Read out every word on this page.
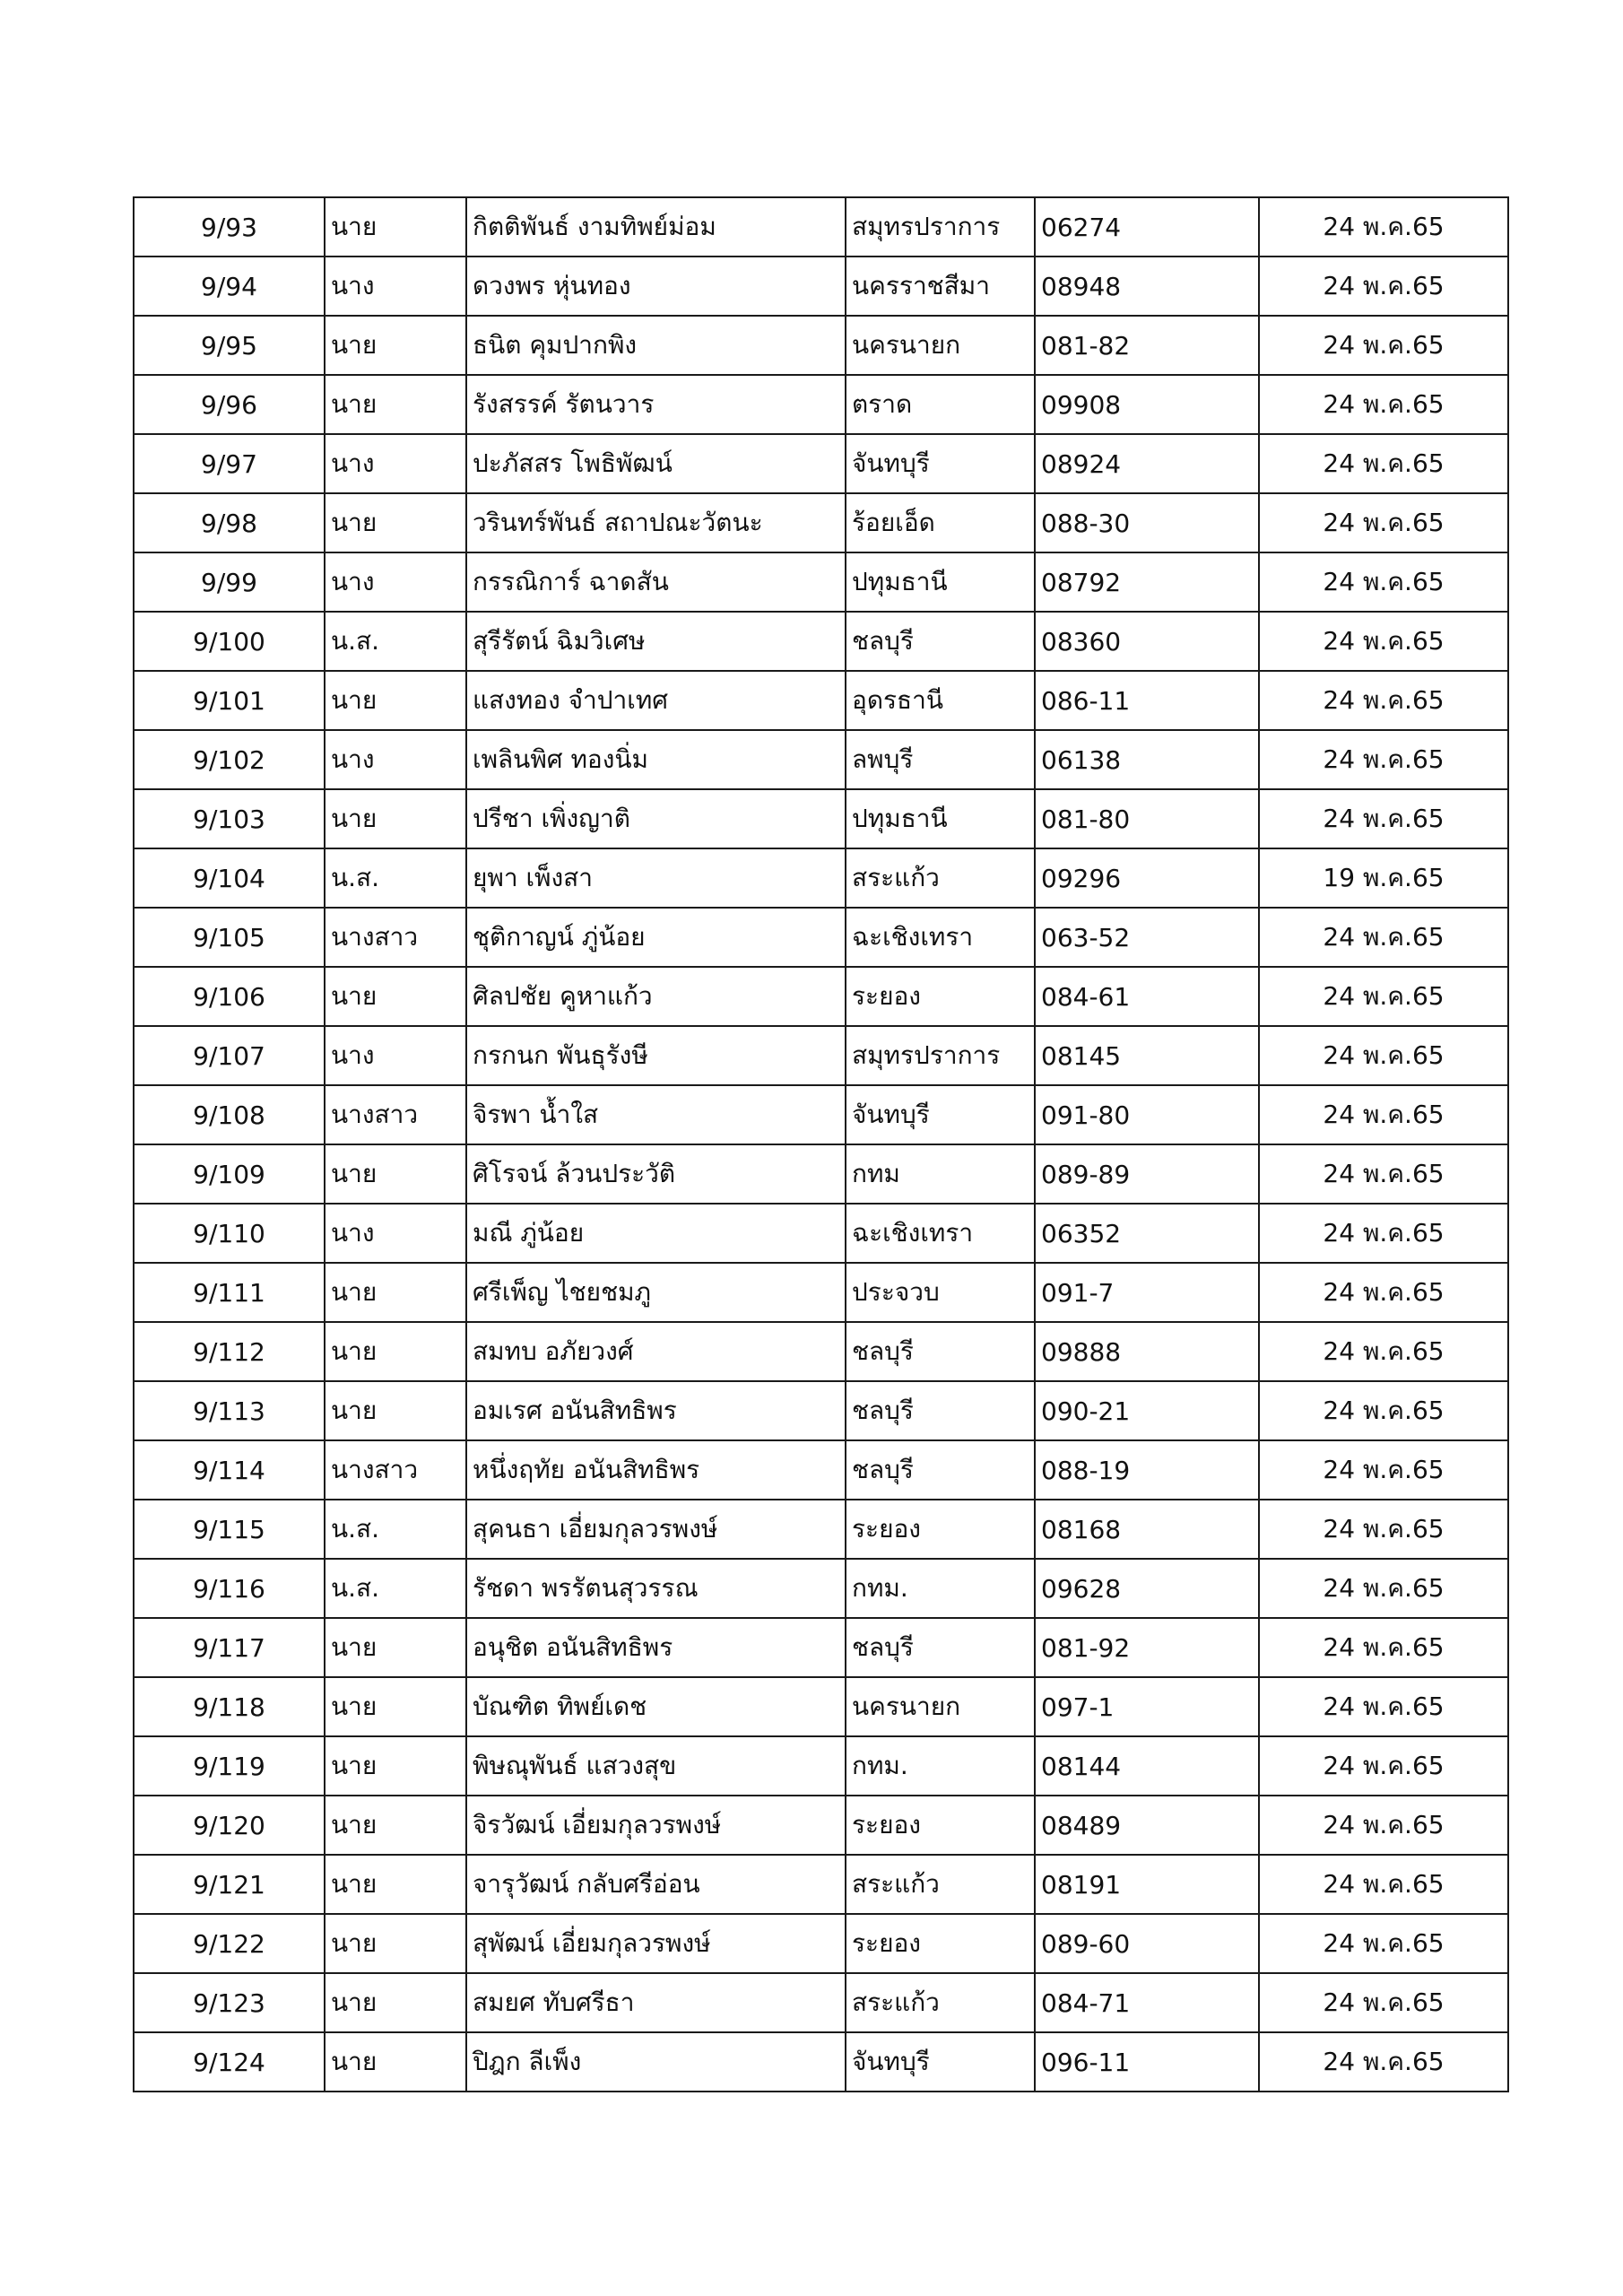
9/93	นาย	กิตติพันธ์ งามทิพย์ม่อม	สมุทรปราการ	06274	24 พ.ค.65
9/94	นาง	ดวงพร หุ่นทอง	นครราชสีมา	08948	24 พ.ค.65
9/95	นาย	ธนิต คุมปากพิง	นครนายก	081-82	24 พ.ค.65
9/96	นาย	รังสรรค์ รัตนวาร	ตราด	09908	24 พ.ค.65
9/97	นาง	ปะภัสสร โพธิพัฒน์	จันทบุรี	08924	24 พ.ค.65
9/98	นาย	วรินทร์พันธ์ สถาปณะวัตนะ	ร้อยเอ็ด	088-30	24 พ.ค.65
9/99	นาง	กรรณิการ์ ฉาดสัน	ปทุมธานี	08792	24 พ.ค.65
9/100	น.ส.	สุรีรัตน์ ฉิมวิเศษ	ชลบุรี	08360	24 พ.ค.65
9/101	นาย	แสงทอง จำปาเทศ	อุดรธานี	086-11	24 พ.ค.65
9/102	นาง	เพลินพิศ ทองนิ่ม	ลพบุรี	06138	24 พ.ค.65
9/103	นาย	ปรีชา เพิ่งญาติ	ปทุมธานี	081-80	24 พ.ค.65
9/104	น.ส.	ยุพา เพ็งสา	สระแก้ว	09296	19 พ.ค.65
9/105	นางสาว	ชุติกาญน์ ภู่น้อย	ฉะเชิงเทรา	063-52	24 พ.ค.65
9/106	นาย	ศิลปชัย คูหาแก้ว	ระยอง	084-61	24 พ.ค.65
9/107	นาง	กรกนก พันธุรังษี	สมุทรปราการ	08145	24 พ.ค.65
9/108	นางสาว	จิรพา น้ำใส	จันทบุรี	091-80	24 พ.ค.65
9/109	นาย	ศิโรจน์ ล้วนประวัติ	กทม	089-89	24 พ.ค.65
9/110	นาง	มณี ภู่น้อย	ฉะเชิงเทรา	06352	24 พ.ค.65
9/111	นาย	ศรีเพ็ญ ไชยชมภู	ประจวบ	091-7	24 พ.ค.65
9/112	นาย	สมทบ อภัยวงศ์	ชลบุรี	09888	24 พ.ค.65
9/113	นาย	อมเรศ อนันสิทธิพร	ชลบุรี	090-21	24 พ.ค.65
9/114	นางสาว	หนึ่งฤทัย อนันสิทธิพร	ชลบุรี	088-19	24 พ.ค.65
9/115	น.ส.	สุคนธา เอี่ยมกุลวรพงษ์	ระยอง	08168	24 พ.ค.65
9/116	น.ส.	รัชดา พรรัตนสุวรรณ	กทม.	09628	24 พ.ค.65
9/117	นาย	อนุชิต อนันสิทธิพร	ชลบุรี	081-92	24 พ.ค.65
9/118	นาย	บัณฑิต ทิพย์เดช	นครนายก	097-1	24 พ.ค.65
9/119	นาย	พิษณุพันธ์ แสวงสุข	กทม.	08144	24 พ.ค.65
9/120	นาย	จิรวัฒน์ เอี่ยมกุลวรพงษ์	ระยอง	08489	24 พ.ค.65
9/121	นาย	จารุวัฒน์ กลับศรีอ่อน	สระแก้ว	08191	24 พ.ค.65
9/122	นาย	สุพัฒน์ เอี่ยมกุลวรพงษ์	ระยอง	089-60	24 พ.ค.65
9/123	นาย	สมยศ ทับศรีธา	สระแก้ว	084-71	24 พ.ค.65
9/124	นาย	ปิฎก ลีเพ็ง	จันทบุรี	096-11	24 พ.ค.65
